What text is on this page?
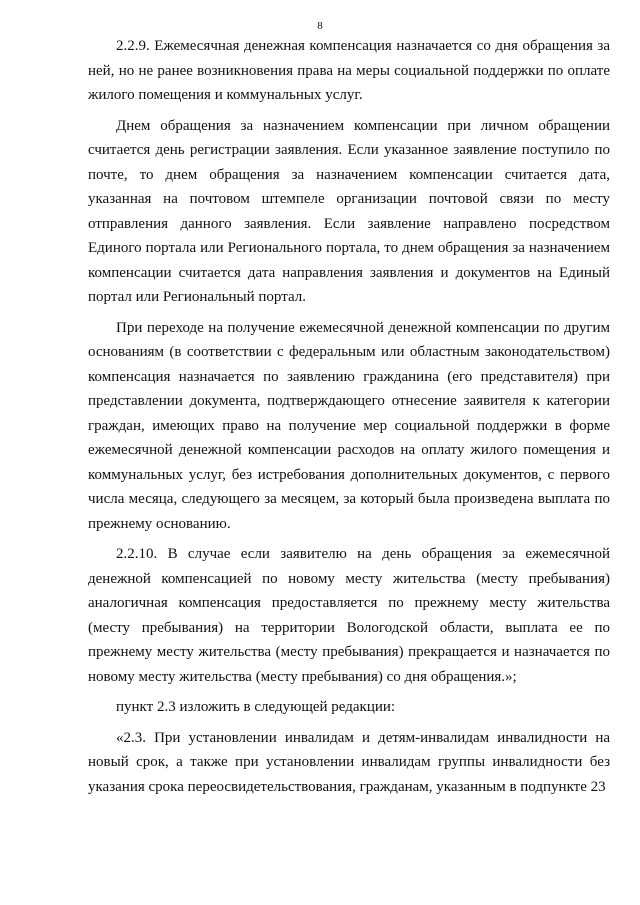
8

2.2.9. Ежемесячная денежная компенсация назначается со дня обращения за ней, но не ранее возникновения права на меры социальной поддержки по оплате жилого помещения и коммунальных услуг.

Днем обращения за назначением компенсации при личном обращении считается день регистрации заявления. Если указанное заявление поступило по почте, то днем обращения за назначением компенсации считается дата, указанная на почтовом штемпеле организации почтовой связи по месту отправления данного заявления. Если заявление направлено посредством Единого портала или Регионального портала, то днем обращения за назначением компенсации считается дата направления заявления и документов на Единый портал или Региональный портал.

При переходе на получение ежемесячной денежной компенсации по другим основаниям (в соответствии с федеральным или областным законодательством) компенсация назначается по заявлению гражданина (его представителя) при представлении документа, подтверждающего отнесение заявителя к категории граждан, имеющих право на получение мер социальной поддержки в форме ежемесячной денежной компенсации расходов на оплату жилого помещения и коммунальных услуг, без истребования дополнительных документов, с первого числа месяца, следующего за месяцем, за который была произведена выплата по прежнему основанию.

2.2.10. В случае если заявителю на день обращения за ежемесячной денежной компенсацией по новому месту жительства (месту пребывания) аналогичная компенсация предоставляется по прежнему месту жительства (месту пребывания) на территории Вологодской области, выплата ее по прежнему месту жительства (месту пребывания) прекращается и назначается по новому месту жительства (месту пребывания) со дня обращения.»;

пункт 2.3 изложить в следующей редакции:

«2.3. При установлении инвалидам и детям-инвалидам инвалидности на новый срок, а также при установлении инвалидам группы инвалидности без указания срока переосвидетельствования, гражданам, указанным в подпункте 23
